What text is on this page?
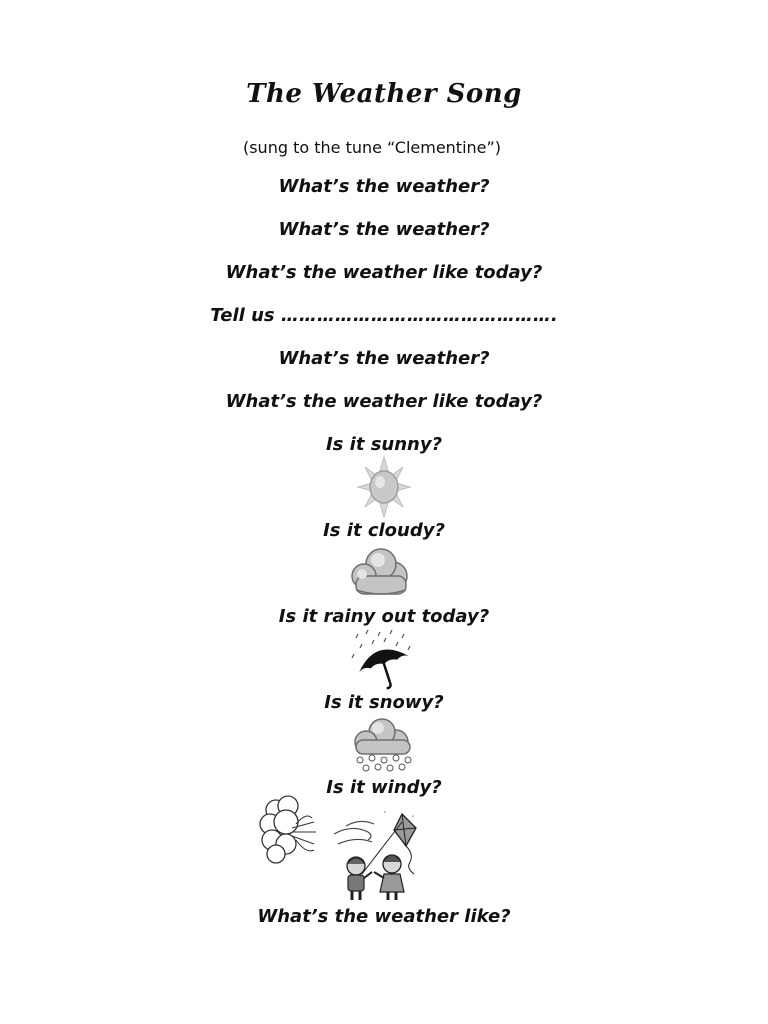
The Weather Song
(sung to the tune “Clementine”)
What’s the weather?
What’s the weather?
What’s the weather like today?
Tell us ……………………………………….
What’s the weather?
What’s the weather like today?
Is it sunny?
Is it cloudy?
Is it rainy out today?
Is it snowy?
Is it windy?
"
"
What’s the weather like?
